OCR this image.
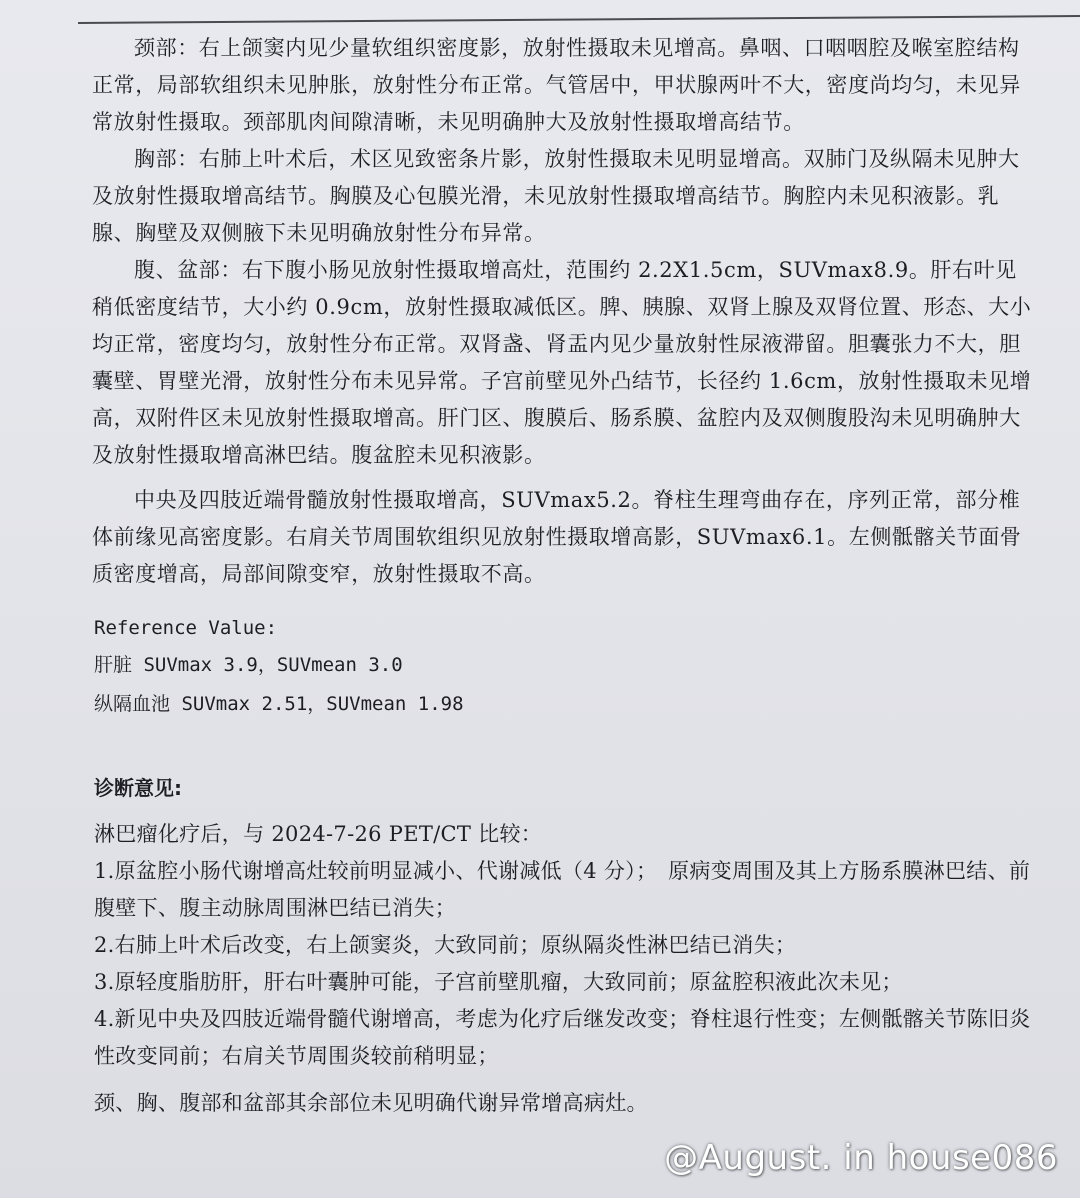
颈部：右上颌窦内见少量软组织密度影，放射性摄取未见增高。鼻咽、口咽咽腔及喉室腔结构正常，局部软组织未见肿胀，放射性分布正常。气管居中，甲状腺两叶不大，密度尚均匀，未见异常放射性摄取。颈部肌肉间隙清晰，未见明确肿大及放射性摄取增高结节。

胸部：右肺上叶术后，术区见致密条片影，放射性摄取未见明显增高。双肺门及纵隔未见肿大及放射性摄取增高结节。胸膜及心包膜光滑，未见放射性摄取增高结节。胸腔内未见积液影。乳腺、胸壁及双侧腋下未见明确放射性分布异常。

腹、盆部：右下腹小肠见放射性摄取增高灶，范围约 2.2X1.5cm，SUVmax8.9。肝右叶见稍低密度结节，大小约 0.9cm，放射性摄取减低区。脾、胰腺、双肾上腺及双肾位置、形态、大小均正常，密度均匀，放射性分布正常。双肾盏、肾盂内见少量放射性尿液滞留。胆囊张力不大，胆囊壁、胃壁光滑，放射性分布未见异常。子宫前壁见外凸结节，长径约 1.6cm，放射性摄取未见增高，双附件区未见放射性摄取增高。肝门区、腹膜后、肠系膜、盆腔内及双侧腹股沟未见明确肿大及放射性摄取增高淋巴结。腹盆腔未见积液影。

中央及四肢近端骨髓放射性摄取增高，SUVmax5.2。脊柱生理弯曲存在，序列正常，部分椎体前缘见高密度影。右肩关节周围软组织见放射性摄取增高影，SUVmax6.1。左侧骶髂关节面骨质密度增高，局部间隙变窄，放射性摄取不高。

Reference Value:

肝脏 SUVmax 3.9，SUVmean 3.0

纵隔血池 SUVmax 2.51，SUVmean 1.98

诊断意见:

淋巴瘤化疗后，与 2024-7-26 PET/CT 比较：

1.原盆腔小肠代谢增高灶较前明显减小、代谢减低（4 分）；　原病变周围及其上方肠系膜淋巴结、前腹壁下、腹主动脉周围淋巴结已消失；

2.右肺上叶术后改变，右上颌窦炎，大致同前；原纵隔炎性淋巴结已消失；

3.原轻度脂肪肝，肝右叶囊肿可能，子宫前壁肌瘤，大致同前；原盆腔积液此次未见；

4.新见中央及四肢近端骨髓代谢增高，考虑为化疗后继发改变；脊柱退行性变；左侧骶髂关节陈旧炎性改变同前；右肩关节周围炎较前稍明显；

颈、胸、腹部和盆部其余部位未见明确代谢异常增高病灶。

@August. in house086
